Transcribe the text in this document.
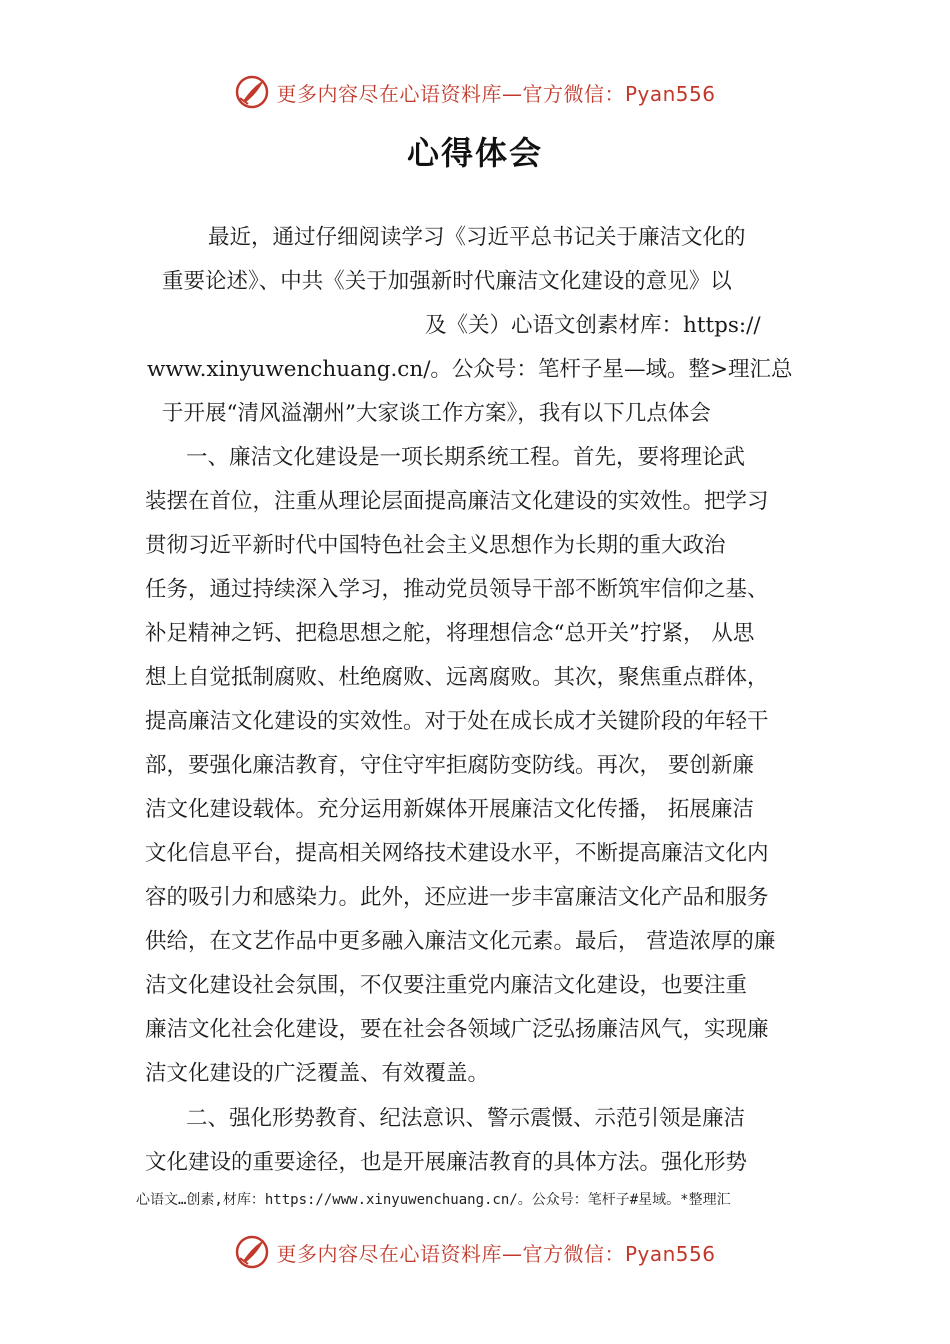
更多内容尽在心语资料库—官方微信：Pyan556
心得体会
最近，通过仔细阅读学习《习近平总书记关于廉洁文化的
重要论述》、中共《关于加强新时代廉洁文化建设的意见》以
及《关）心语文创素材库：https://
www.xinyuwenchuang.cn/。公众号：笔杆子星—域。整>理汇总
于开展“清风溢潮州”大家谈工作方案》，我有以下几点体会
一、廉洁文化建设是一项长期系统工程。首先，要将理论武
装摆在首位，注重从理论层面提高廉洁文化建设的实效性。把学习
贯彻习近平新时代中国特色社会主义思想作为长期的重大政治
任务，通过持续深入学习，推动党员领导干部不断筑牢信仰之基、
补足精神之钙、把稳思想之舵，将理想信念“总开关”拧紧， 从思
想上自觉抵制腐败、杜绝腐败、远离腐败。其次，聚焦重点群体，
提高廉洁文化建设的实效性。对于处在成长成才关键阶段的年轻干
部，要强化廉洁教育，守住守牢拒腐防变防线。再次， 要创新廉
洁文化建设载体。充分运用新媒体开展廉洁文化传播， 拓展廉洁
文化信息平台，提高相关网络技术建设水平，不断提高廉洁文化内
容的吸引力和感染力。此外，还应进一步丰富廉洁文化产品和服务
供给，在文艺作品中更多融入廉洁文化元素。最后， 营造浓厚的廉
洁文化建设社会氛围，不仅要注重党内廉洁文化建设，也要注重
廉洁文化社会化建设，要在社会各领域广泛弘扬廉洁风气，实现廉
洁文化建设的广泛覆盖、有效覆盖。
二、强化形势教育、纪法意识、警示震慑、示范引领是廉洁
文化建设的重要途径，也是开展廉洁教育的具体方法。强化形势
心语文…创素,材库：https://www.xinyuwenchuang.cn/。公众号：笔杆子#星域。*整理汇
更多内容尽在心语资料库—官方微信：Pyan556
